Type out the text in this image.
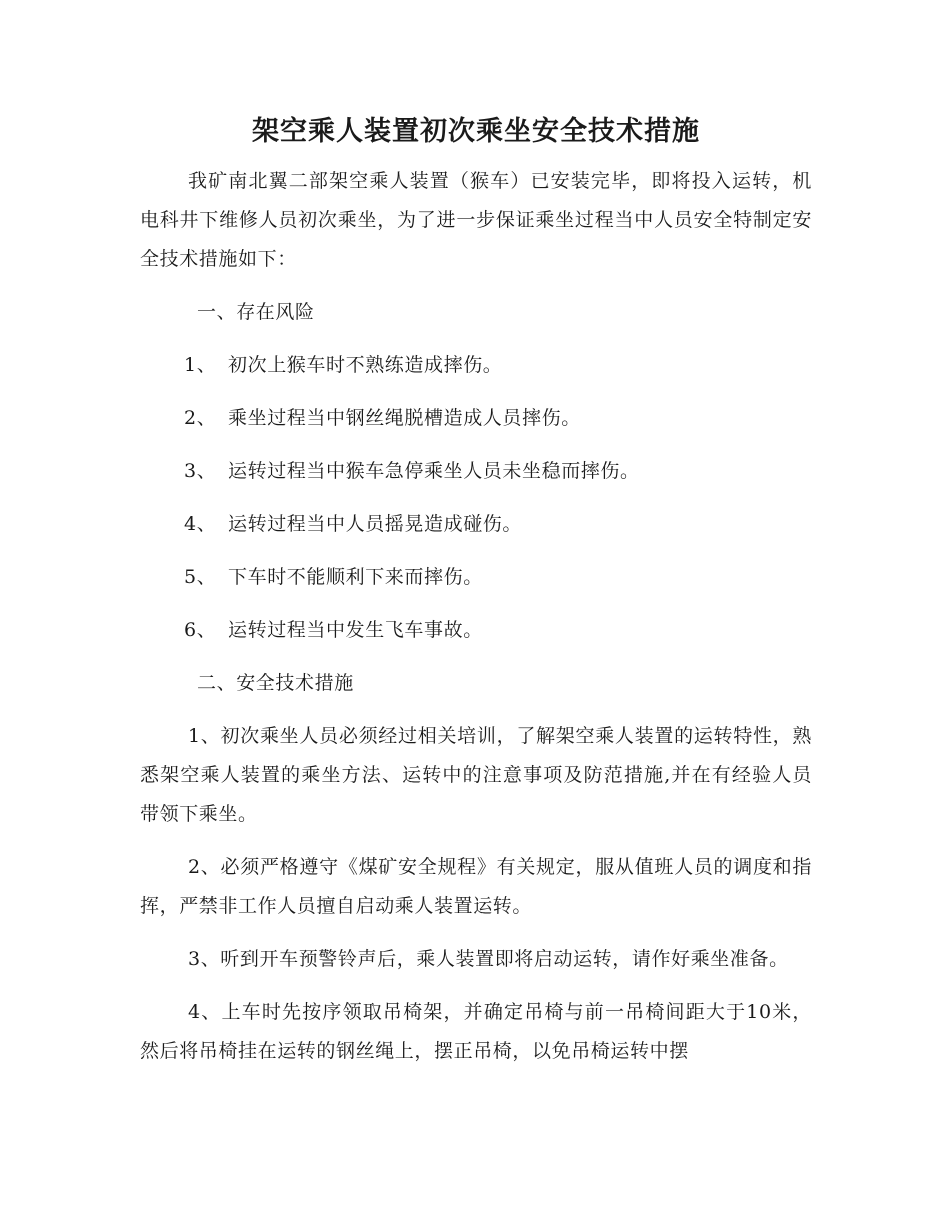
架空乘人装置初次乘坐安全技术措施

我矿南北翼二部架空乘人装置（猴车）已安装完毕，即将投入运转，机电科井下维修人员初次乘坐，为了进一步保证乘坐过程当中人员安全特制定安全技术措施如下：

一、存在风险
1、 初次上猴车时不熟练造成摔伤。
2、 乘坐过程当中钢丝绳脱槽造成人员摔伤。
3、 运转过程当中猴车急停乘坐人员未坐稳而摔伤。
4、 运转过程当中人员摇晃造成碰伤。
5、 下车时不能顺利下来而摔伤。
6、 运转过程当中发生飞车事故。
二、安全技术措施

1、初次乘坐人员必须经过相关培训，了解架空乘人装置的运转特性，熟悉架空乘人装置的乘坐方法、运转中的注意事项及防范措施,并在有经验人员带领下乘坐。

2、必须严格遵守《煤矿安全规程》有关规定，服从值班人员的调度和指挥，严禁非工作人员擅自启动乘人装置运转。

3、听到开车预警铃声后，乘人装置即将启动运转，请作好乘坐准备。

4、上车时先按序领取吊椅架，并确定吊椅与前一吊椅间距大于10米，然后将吊椅挂在运转的钢丝绳上，摆正吊椅，以免吊椅运转中摆
